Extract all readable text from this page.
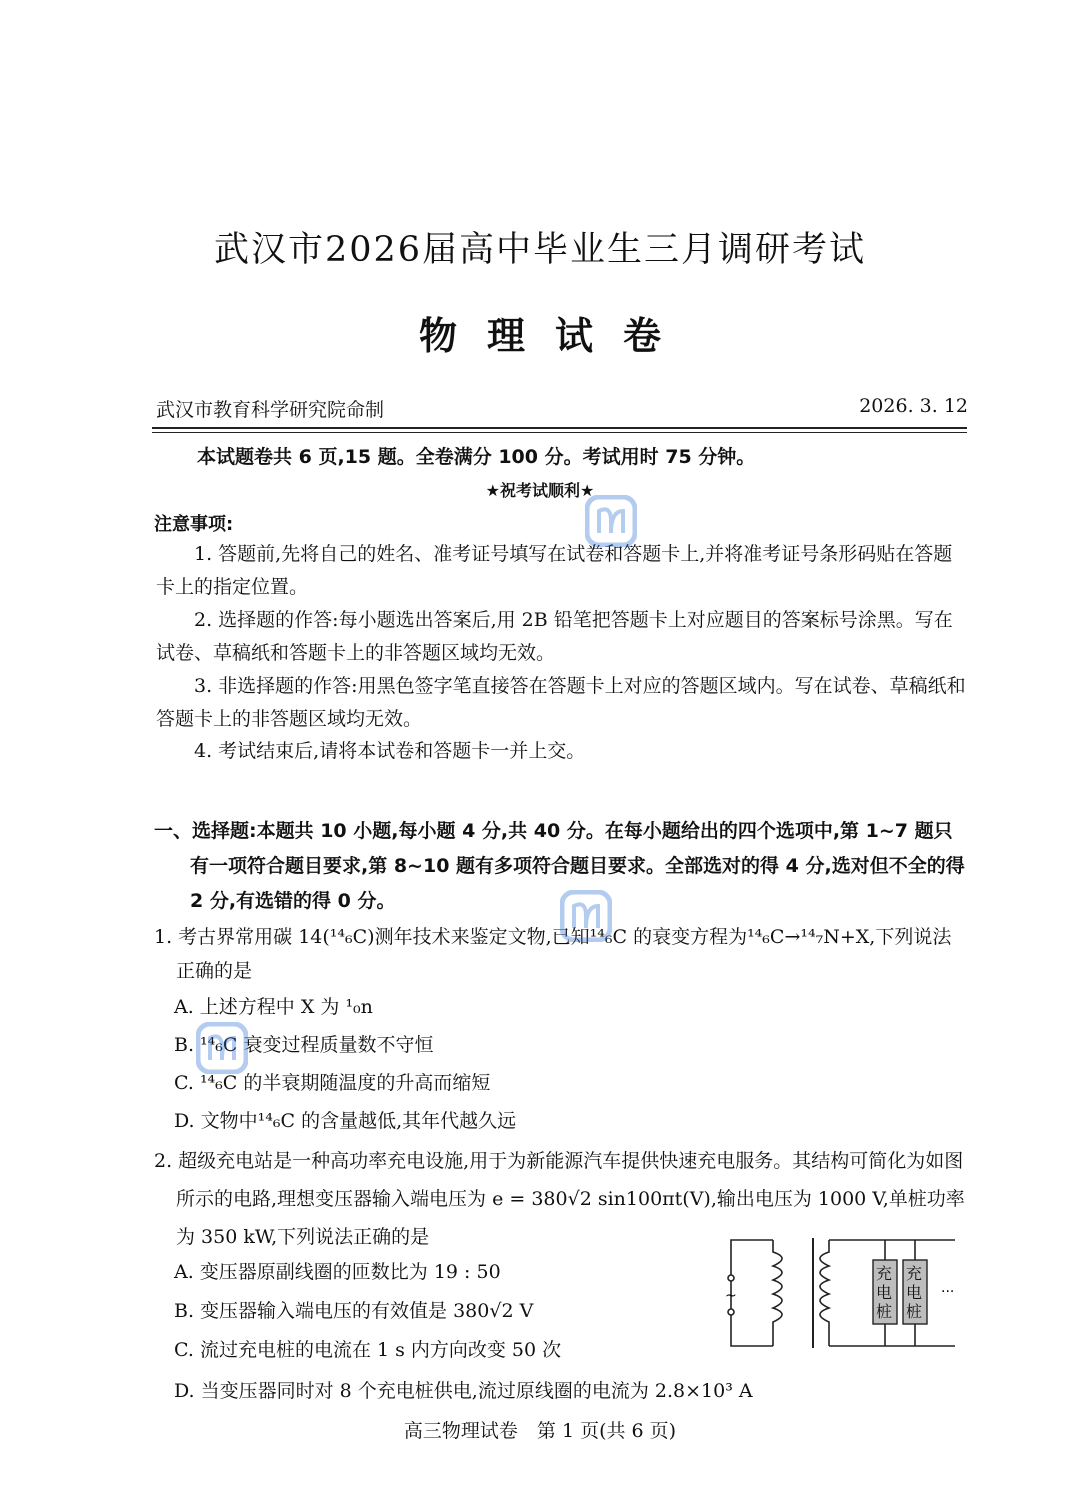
武汉市2026届高中毕业生三月调研考试
物理试卷
武汉市教育科学研究院命制	2026. 3. 12
本试题卷共 6 页,15 题。全卷满分 100 分。考试用时 75 分钟。
★祝考试顺利★
注意事项:
1. 答题前,先将自己的姓名、准考证号填写在试卷和答题卡上,并将准考证号条形码贴在答题卡上的指定位置。
2. 选择题的作答:每小题选出答案后,用 2B 铅笔把答题卡上对应题目的答案标号涂黑。写在试卷、草稿纸和答题卡上的非答题区域均无效。
3. 非选择题的作答:用黑色签字笔直接答在答题卡上对应的答题区域内。写在试卷、草稿纸和答题卡上的非答题区域均无效。
4. 考试结束后,请将本试卷和答题卡一并上交。
一、选择题:本题共 10 小题,每小题 4 分,共 40 分。在每小题给出的四个选项中,第 1~7 题只有一项符合题目要求,第 8~10 题有多项符合题目要求。全部选对的得 4 分,选对但不全的得 2 分,有选错的得 0 分。
1. 考古界常用碳 14(¹⁴₆C)测年技术来鉴定文物,已知¹⁴₆C 的衰变方程为¹⁴₆C→¹⁴₇N+X,下列说法正确的是
A. 上述方程中 X 为 ¹₀n
B. ¹⁴₆C 衰变过程质量数不守恒
C. ¹⁴₆C 的半衰期随温度的升高而缩短
D. 文物中¹⁴₆C 的含量越低,其年代越久远
2. 超级充电站是一种高功率充电设施,用于为新能源汽车提供快速充电服务。其结构可简化为如图所示的电路,理想变压器输入端电压为 e = 380√2 sin100πt(V),输出电压为 1000 V,单桩功率为 350 kW,下列说法正确的是
A. 变压器原副线圈的匝数比为 19 : 50
B. 变压器输入端电压的有效值是 380√2 V
C. 流过充电桩的电流在 1 s 内方向改变 50 次
D. 当变压器同时对 8 个充电桩供电,流过原线圈的电流为 2.8×10³ A
~	···
充电桩
充电桩
高三物理试卷　第 1 页(共 6 页)
